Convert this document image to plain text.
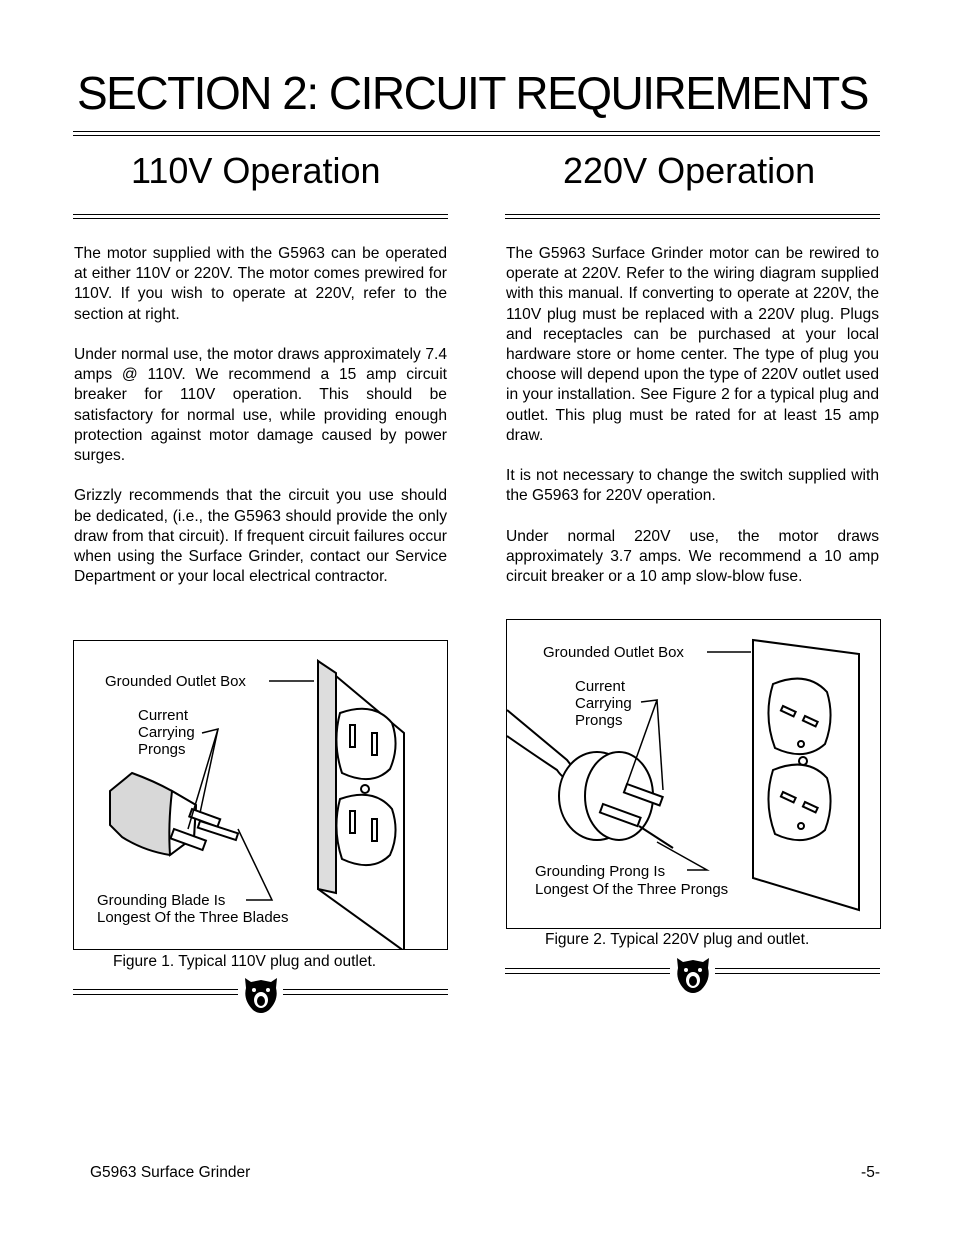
SECTION 2: CIRCUIT REQUIREMENTS
110V Operation	220V Operation

The motor supplied with the G5963 can be operated at either 110V or 220V. The motor comes prewired for 110V. If you wish to operate at 220V, refer to the section at right.

Under normal use, the motor draws approximately 7.4 amps @ 110V. We recommend a 15 amp circuit breaker for 110V operation. This should be satisfactory for normal use, while providing enough protection against motor damage caused by power surges.

Grizzly recommends that the circuit you use should be dedicated, (i.e., the G5963 should provide the only draw from that circuit). If frequent circuit failures occur when using the Surface Grinder, contact our Service Department or your local electrical contractor.

The G5963 Surface Grinder motor can be rewired to operate at 220V. Refer to the wiring diagram supplied with this manual. If converting to operate at 220V, the 110V plug must be replaced with a 220V plug. Plugs and receptacles can be purchased at your local hardware store or home center. The type of plug you choose will depend upon the type of 220V outlet used in your installation. See Figure 2 for a typical plug and outlet. This plug must be rated for at least 15 amp draw.

It is not necessary to change the switch supplied with the G5963 for 220V operation.

Under normal 220V use, the motor draws approximately 3.7 amps. We recommend a 10 amp circuit breaker or a 10 amp slow-blow fuse.

Grounded Outlet Box
Current
Carrying
Prongs
Grounding Blade Is
Longest Of the Three Blades
Figure 1. Typical 110V plug and outlet.
Grounded Outlet Box
Current
Carrying
Prongs
Grounding Prong Is
Longest Of the Three Prongs
Figure 2. Typical 220V plug and outlet.
G5963 Surface Grinder	-5-
